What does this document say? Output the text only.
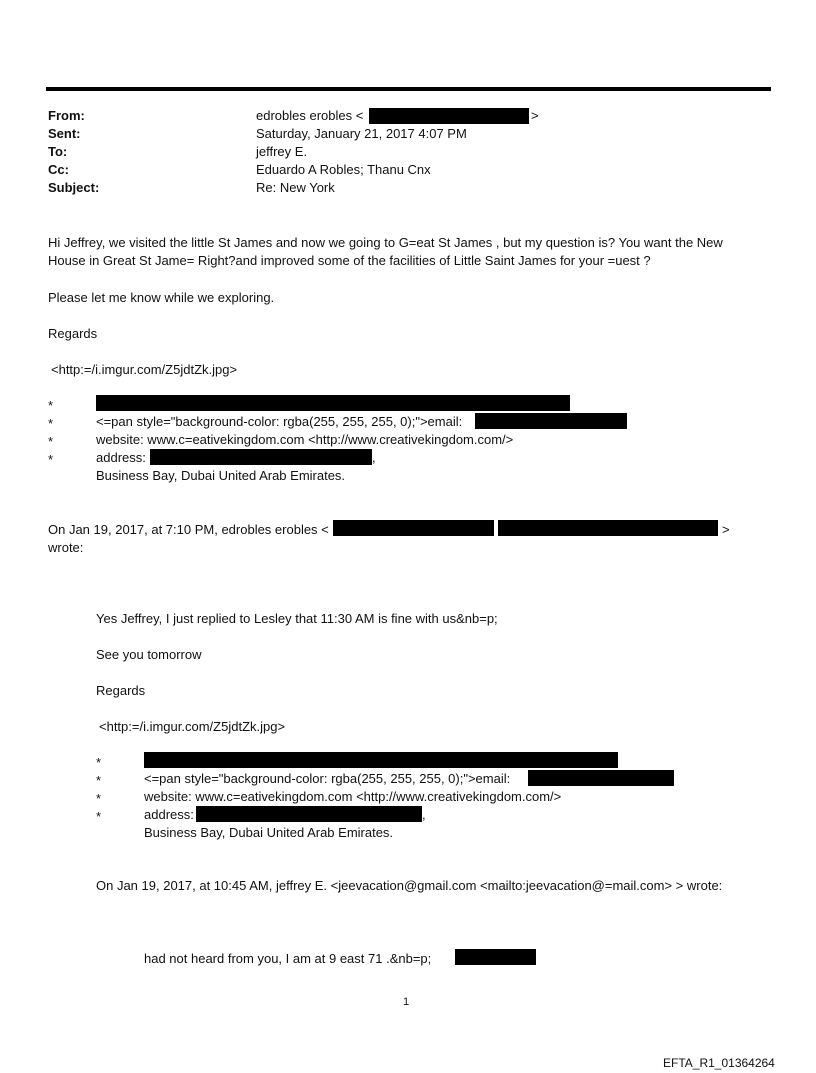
From:	edrobles erobles <	>
Sent:	Saturday, January 21, 2017 4:07 PM
To:	jeffrey E.
Cc:	Eduardo A Robles; Thanu Cnx
Subject:	Re: New York
Hi Jeffrey, we visited the little St James and now we going to G=eat St James , but my question is? You want the New
House in Great St Jame= Right?and improved some of the facilities of Little Saint James for your =uest ?
Please let me know while we exploring.
Regards
<http:=/i.imgur.com/Z5jdtZk.jpg>
*
*	<=pan style="background-color: rgba(255, 255, 255, 0);">email:
*	website: www.c=eativekingdom.com <http://www.creativekingdom.com/>
*	address:	,
Business Bay, Dubai United Arab Emirates.
On Jan 19, 2017, at 7:10 PM, edrobles erobles <	>
wrote:
Yes Jeffrey, I just replied to Lesley that 11:30 AM is fine with us&nb=p;
See you tomorrow
Regards
<http:=/i.imgur.com/Z5jdtZk.jpg>
*
*	<=pan style="background-color: rgba(255, 255, 255, 0);">email:
*	website: www.c=eativekingdom.com <http://www.creativekingdom.com/>
*	address:	,
Business Bay, Dubai United Arab Emirates.
On Jan 19, 2017, at 10:45 AM, jeffrey E. <jeevacation@gmail.com <mailto:jeevacation@=mail.com> > wrote:
had not heard from you, I am at 9 east 71 .&nb=p;
1
EFTA_R1_01364264
